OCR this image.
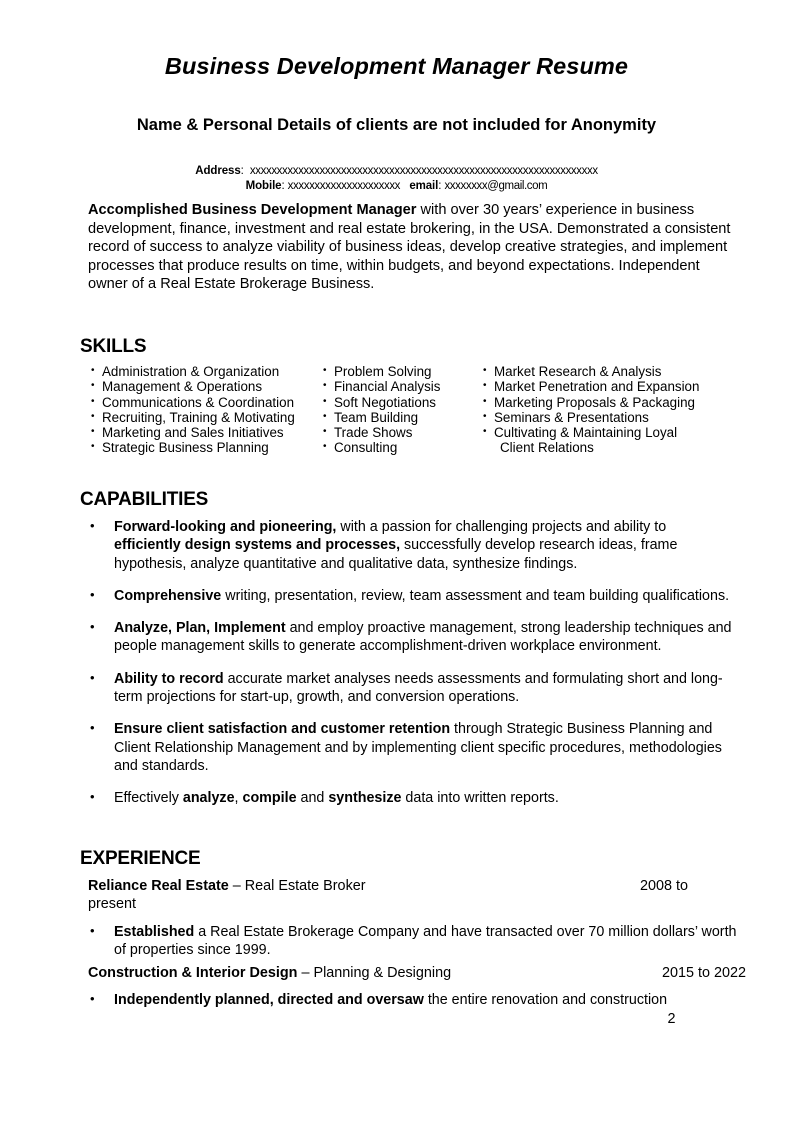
Business Development Manager Resume
Name & Personal Details of clients are not included for Anonymity
Address:  xxxxxxxxxxxxxxxxxxxxxxxxxxxxxxxxxxxxxxxxxxxxxxxxxxxxxxxxxxxxxxxxx
Mobile: xxxxxxxxxxxxxxxxxxxxx email: xxxxxxxx@gmail.com
Accomplished Business Development Manager with over 30 years’ experience in business development, finance, investment and real estate brokering, in the USA. Demonstrated a consistent record of success to analyze viability of business ideas, develop creative strategies, and implement processes that produce results on time, within budgets, and beyond expectations. Independent owner of a Real Estate Brokerage Business.
SKILLS
• Administration & Organization
• Management & Operations
• Communications & Coordination
• Recruiting, Training & Motivating
• Marketing and Sales Initiatives
• Strategic Business Planning
• Problem Solving
• Financial Analysis
• Soft Negotiations
• Team Building
• Trade Shows
• Consulting
• Market Research & Analysis
• Market Penetration and Expansion
• Marketing Proposals & Packaging
• Seminars & Presentations
• Cultivating & Maintaining Loyal
Client Relations
CAPABILITIES
• Forward-looking and pioneering, with a passion for challenging projects and ability to efficiently design systems and processes, successfully develop research ideas, frame hypothesis, analyze quantitative and qualitative data, synthesize findings.
• Comprehensive writing, presentation, review, team assessment and team building qualifications.
• Analyze, Plan, Implement and employ proactive management, strong leadership techniques and people management skills to generate accomplishment-driven workplace environment.
• Ability to record accurate market analyses needs assessments and formulating short and long-term projections for start-up, growth, and conversion operations.
• Ensure client satisfaction and customer retention through Strategic Business Planning and Client Relationship Management and by implementing client specific procedures, methodologies and standards.
• Effectively analyze, compile and synthesize data into written reports.
EXPERIENCE
Reliance Real Estate – Real Estate Broker	2008 to
present
• Established a Real Estate Brokerage Company and have transacted over 70 million dollars’ worth of properties since 1999.
Construction & Interior Design – Planning & Designing	2015 to 2022
• Independently planned, directed and oversaw the entire renovation and construction
2
